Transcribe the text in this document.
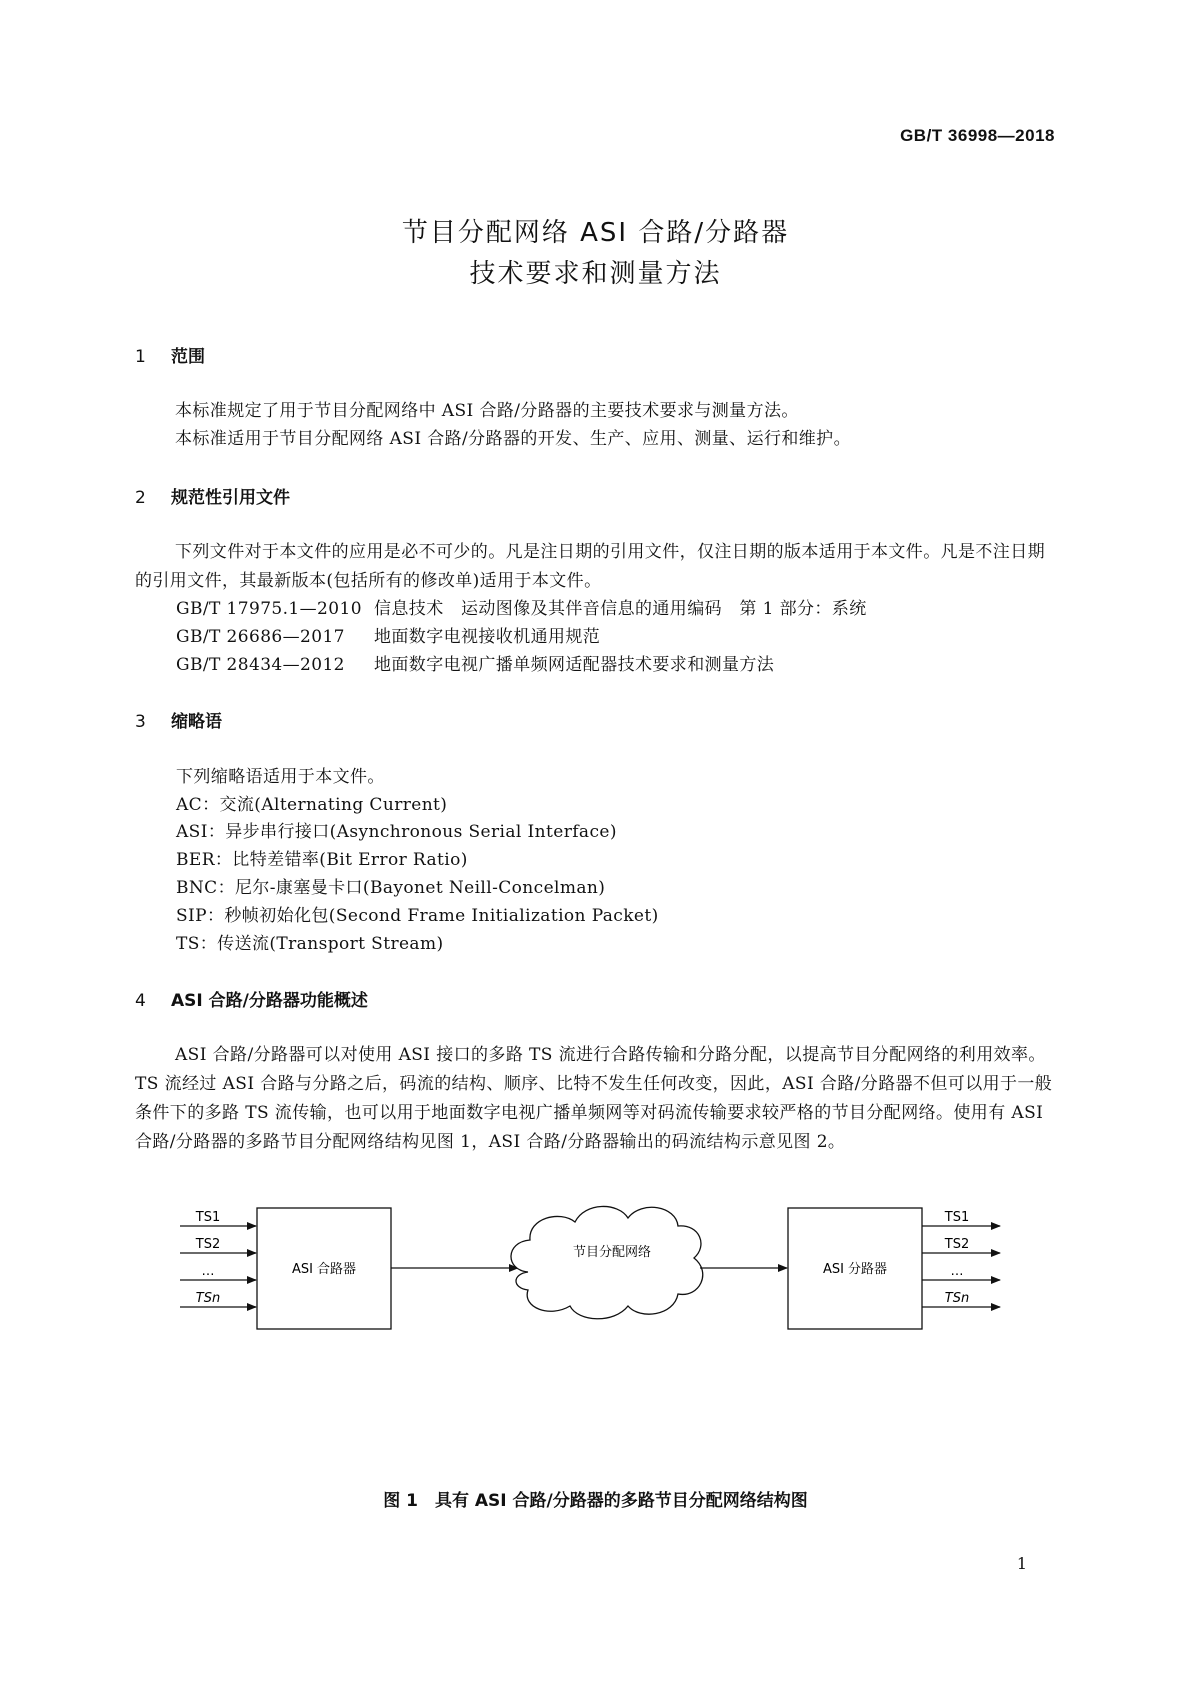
GB/T 36998—2018
节目分配网络 ASI 合路/分路器
技术要求和测量方法
1 范围
本标准规定了用于节目分配网络中 ASI 合路/分路器的主要技术要求与测量方法。
本标准适用于节目分配网络 ASI 合路/分路器的开发、生产、应用、测量、运行和维护。
2 规范性引用文件
下列文件对于本文件的应用是必不可少的。凡是注日期的引用文件，仅注日期的版本适用于本文件。凡是不注日期的引用文件，其最新版本(包括所有的修改单)适用于本文件。
GB/T 17975.1—2010 信息技术　运动图像及其伴音信息的通用编码　第 1 部分：系统
GB/T 26686—2017 地面数字电视接收机通用规范
GB/T 28434—2012 地面数字电视广播单频网适配器技术要求和测量方法
3 缩略语
下列缩略语适用于本文件。
AC：交流(Alternating Current)
ASI：异步串行接口(Asynchronous Serial Interface)
BER：比特差错率(Bit Error Ratio)
BNC：尼尔-康塞曼卡口(Bayonet Neill-Concelman)
SIP：秒帧初始化包(Second Frame Initialization Packet)
TS：传送流(Transport Stream)
4 ASI 合路/分路器功能概述
ASI 合路/分路器可以对使用 ASI 接口的多路 TS 流进行合路传输和分路分配，以提高节目分配网络的利用效率。TS 流经过 ASI 合路与分路之后，码流的结构、顺序、比特不发生任何改变，因此，ASI 合路/分路器不但可以用于一般条件下的多路 TS 流传输，也可以用于地面数字电视广播单频网等对码流传输要求较严格的节目分配网络。使用有 ASI 合路/分路器的多路节目分配网络结构见图 1，ASI 合路/分路器输出的码流结构示意见图 2。
TS1
TS2
…
TSn
ASI 合路器
节目分配网络
ASI 分路器
TS1
TS2
…
TSn
图 1　具有 ASI 合路/分路器的多路节目分配网络结构图
1
